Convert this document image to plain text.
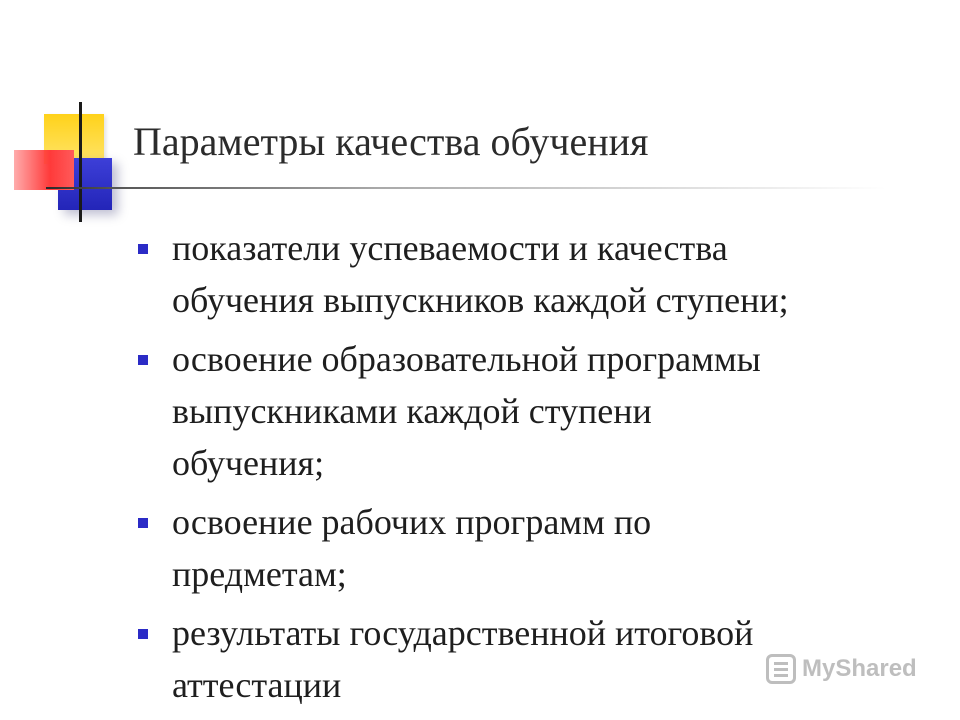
Параметры качества обучения
показатели успеваемости и качества
обучения выпускников каждой ступени;
освоение образовательной программы
выпускниками каждой ступени
обучения;
освоение рабочих программ по
предметам;
результаты государственной итоговой
аттестации	MyShared
